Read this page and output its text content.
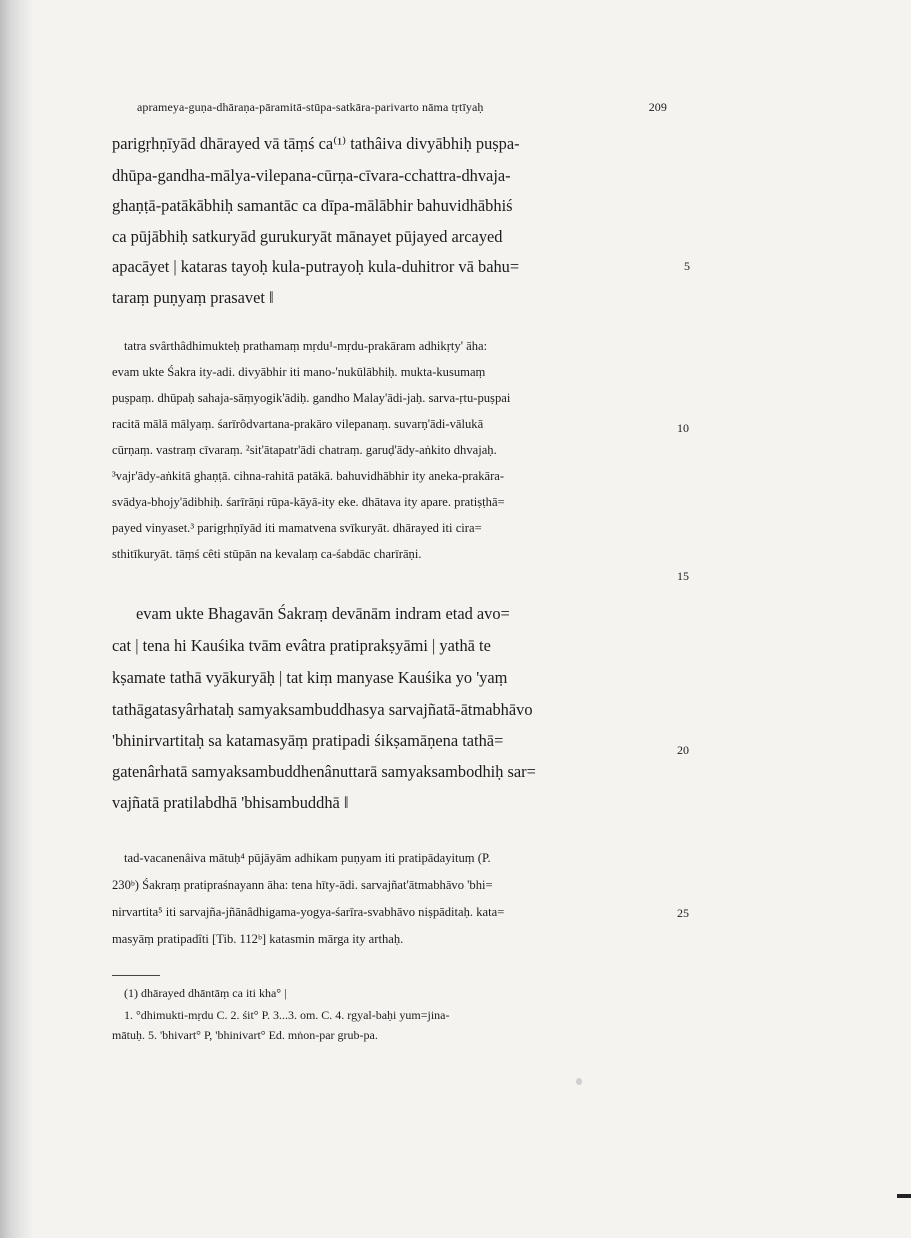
aprameya-guṇa-dhāraṇa-pāramitā-stūpa-satkāra-parivarto nāma tṛtīyaḥ	209
parigṛhṇīyād dhārayed vā tāṃś ca⁽¹⁾ tathâiva divyābhiḥ puṣpa-
dhūpa-gandha-mālya-vilepana-cūrṇa-cīvara-cchattra-dhvaja-
ghaṇṭā-patākābhiḥ samantāc ca dīpa-mālābhir bahuvidhābhiś
ca pūjābhiḥ satkuryād gurukuryāt mānayet pūjayed arcayed
apacāyet | kataras tayoḥ kula-putrayoḥ kula-duhitror vā bahu=
taraṃ puṇyaṃ prasavet ‖
tatra svârthâdhimukteḥ prathamaṃ mṛdu¹-mṛdu-prakāram adhikṛty' āha:
evam ukte Śakra ity-adi. divyābhir iti mano-'nukūlābhiḥ. mukta-kusumaṃ
puṣpaṃ. dhūpaḥ sahaja-sāṃyogik'ādiḥ. gandho Malay'ādi-jaḥ. sarva-ṛtu-puṣpai
racitā mālā mālyaṃ. śarīrôdvartana-prakāro vilepanaṃ. suvarṇ'ādi-vālukā
cūrṇaṃ. vastraṃ cīvaraṃ. ²sit'ātapatr'ādi chatraṃ. garuḍ'ādy-aṅkito dhvajaḥ.
³vajr'ādy-aṅkitā ghaṇṭā. cihna-rahitā patākā. bahuvidhābhir ity aneka-prakāra-
svādya-bhojy'ādibhiḥ. śarīrāṇi rūpa-kāyā-ity eke. dhātava ity apare. pratiṣṭhā=
payed vinyaset.³ parigṛhṇīyād iti mamatvena svīkuryāt. dhārayed iti cira=
sthitīkuryāt. tāṃś cêti stūpān na kevalaṃ ca-śabdāc charīrāṇi.
evam ukte Bhagavān Śakraṃ devānām indram etad avo=
cat | tena hi Kauśika tvām evâtra pratiprakṣyāmi | yathā te
kṣamate tathā vyākuryāḥ | tat kiṃ manyase Kauśika yo 'yaṃ
tathāgatasyârhataḥ samyaksambuddhasya sarvajñatā-ātmabhāvo
'bhinirvartitaḥ sa katamasyāṃ pratipadi śikṣamāṇena tathā=
gatenârhatā samyaksambuddhenânuttarā samyaksambodhiḥ sar=
vajñatā pratilabdhā 'bhisambuddhā ‖
tad-vacanenâiva mātuḥ⁴ pūjāyām adhikam puṇyam iti pratipādayituṃ (P.
230ᵇ) Śakraṃ pratipraśnayann āha: tena hīty-ādi. sarvajñat'ātmabhāvo 'bhi=
nirvartita⁵ iti sarvajña-jñānâdhigama-yogya-śarīra-svabhāvo niṣpāditaḥ. kata=
masyāṃ pratipadîti [Tib. 112ᵇ] katasmin mārga ity arthaḥ.
(1) dhārayed dhāntāṃ ca iti kha° |
1. °dhimukti-mṛdu C. 2. śit° P. 3...3. om. C. 4. rgyal-baḥi yum=jina-
mātuḥ. 5. 'bhivart° P, 'bhinivart° Ed. mṅon-par grub-pa.
5
10
15
20
25
